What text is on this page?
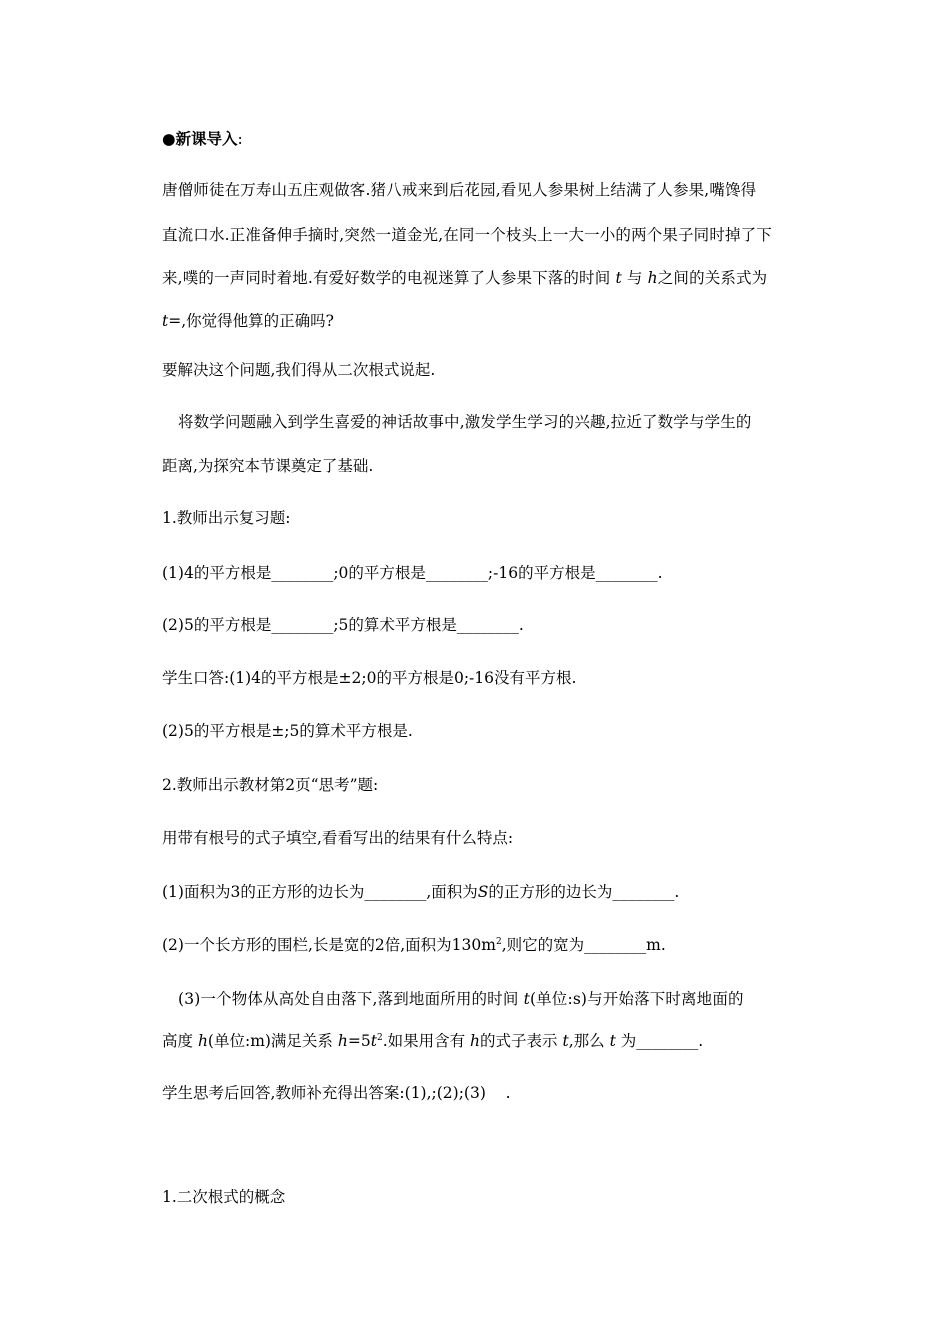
●新课导入:
唐僧师徒在万寿山五庄观做客.猪八戒来到后花园,看见人参果树上结满了人参果,嘴馋得
直流口水.正准备伸手摘时,突然一道金光,在同一个枝头上一大一小的两个果子同时掉了下
来,噗的一声同时着地.有爱好数学的电视迷算了人参果下落的时间 t 与 h之间的关系式为
t=,你觉得他算的正确吗?
要解决这个问题,我们得从二次根式说起.
将数学问题融入到学生喜爱的神话故事中,激发学生学习的兴趣,拉近了数学与学生的
距离,为探究本节课奠定了基础.
1.教师出示复习题:
(1)4的平方根是________;0的平方根是________;-16的平方根是________.
(2)5的平方根是________;5的算术平方根是________.
学生口答:(1)4的平方根是±2;0的平方根是0;-16没有平方根.
(2)5的平方根是±;5的算术平方根是.
2.教师出示教材第2页“思考”题:
用带有根号的式子填空,看看写出的结果有什么特点:
(1)面积为3的正方形的边长为________,面积为S的正方形的边长为________.
(2)一个长方形的围栏,长是宽的2倍,面积为$130m^2$,则它的宽为________m.
(3)一个物体从高处自由落下,落到地面所用的时间 t(单位:s)与开始落下时离地面的
高度 h(单位:m)满足关系 $h=5t^2$.如果用含有 h的式子表示 t,那么 t 为________.
学生思考后回答,教师补充得出答案:(1),;(2);(3)    .
1.二次根式的概念
